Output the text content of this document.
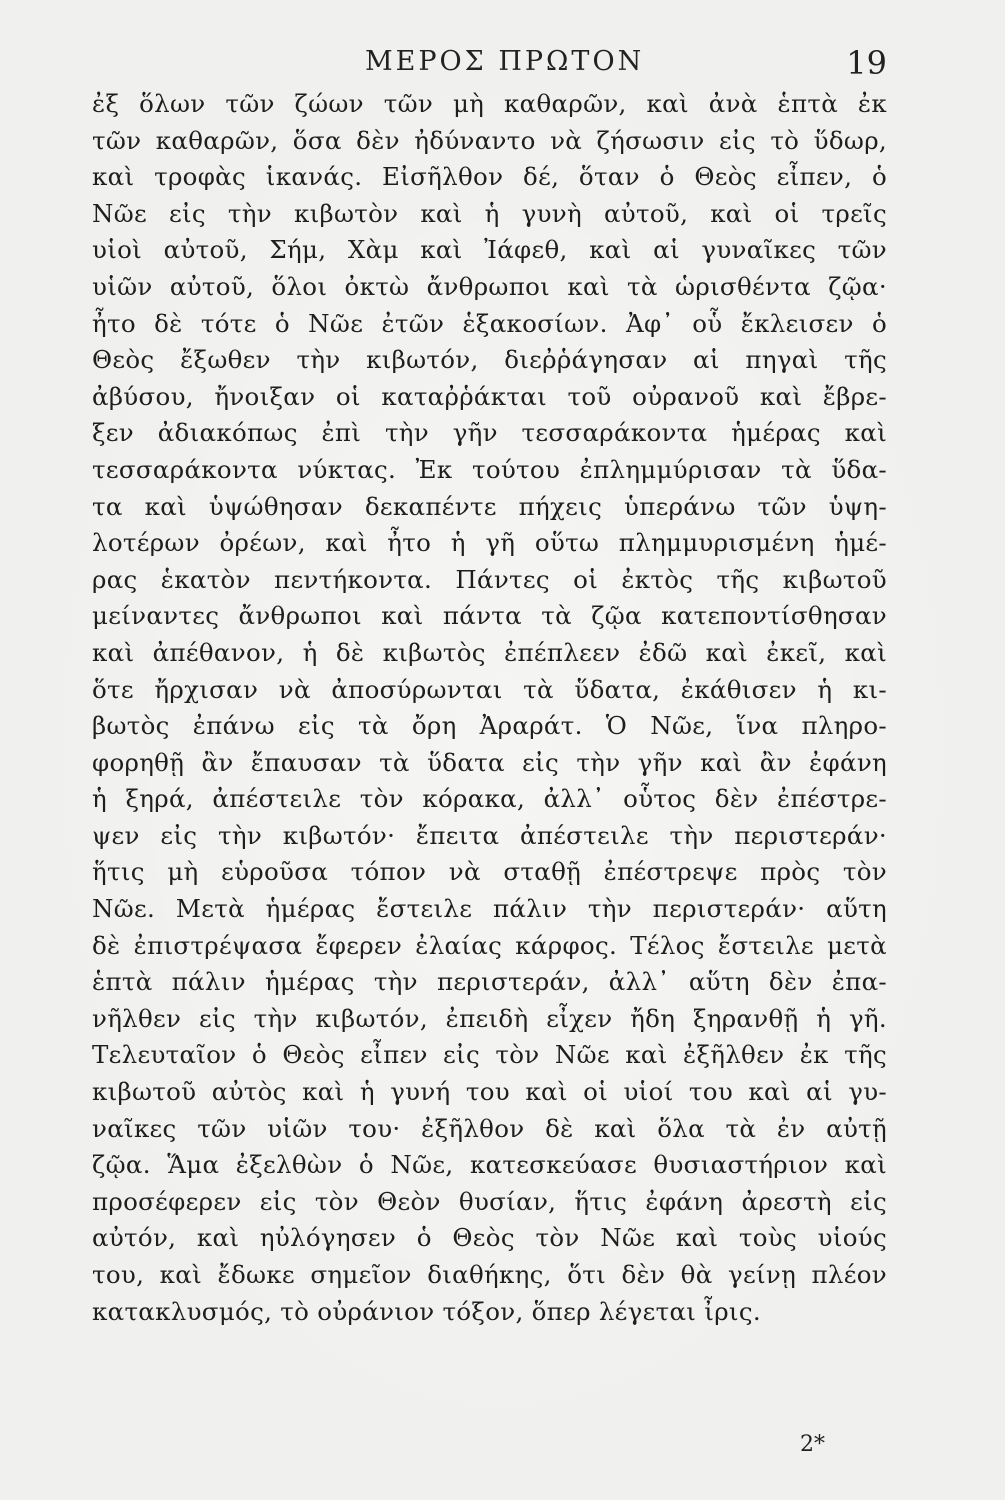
ΜΕΡΟΣ ΠΡΩΤΟΝ	19
ἐξ ὅλων τῶν ζώων τῶν μὴ καθαρῶν, καὶ ἀνὰ ἑπτὰ ἐκ
τῶν καθαρῶν, ὅσα δὲν ἠδύναντο νὰ ζήσωσιν εἰς τὸ ὕδωρ,
καὶ τροφὰς ἱκανάς. Εἰσῆλθον δέ, ὅταν ὁ Θεὸς εἶπεν, ὁ
Νῶε εἰς τὴν κιβωτὸν καὶ ἡ γυνὴ αὐτοῦ, καὶ οἱ τρεῖς
υἱοὶ αὐτοῦ, Σήμ, Χὰμ καὶ Ἰάφεθ, καὶ αἱ γυναῖκες τῶν
υἱῶν αὐτοῦ, ὅλοι ὀκτὼ ἄνθρωποι καὶ τὰ ὡρισθέντα ζῷα·
ἦτο δὲ τότε ὁ Νῶε ἐτῶν ἑξακοσίων. Ἀφ᾽ οὗ ἔκλεισεν ὁ
Θεὸς ἔξωθεν τὴν κιβωτόν, διεῤῥάγησαν αἱ πηγαὶ τῆς
ἀβύσου, ἤνοιξαν οἱ καταῤῥάκται τοῦ οὐρανοῦ καὶ ἔβρε-
ξεν ἀδιακόπως ἐπὶ τὴν γῆν τεσσαράκοντα ἡμέρας καὶ
τεσσαράκοντα νύκτας. Ἐκ τούτου ἐπλημμύρισαν τὰ ὕδα-
τα καὶ ὑψώθησαν δεκαπέντε πήχεις ὑπεράνω τῶν ὑψη-
λοτέρων ὀρέων, καὶ ἦτο ἡ γῆ οὕτω πλημμυρισμένη ἡμέ-
ρας ἑκατὸν πεντήκοντα. Πάντες οἱ ἐκτὸς τῆς κιβωτοῦ
μείναντες ἄνθρωποι καὶ πάντα τὰ ζῷα κατεποντίσθησαν
καὶ ἀπέθανον, ἡ δὲ κιβωτὸς ἐπέπλεεν ἐδῶ καὶ ἐκεῖ, καὶ
ὅτε ἤρχισαν νὰ ἀποσύρωνται τὰ ὕδατα, ἐκάθισεν ἡ κι-
βωτὸς ἐπάνω εἰς τὰ ὄρη Ἀραράτ. Ὁ Νῶε, ἵνα πληρο-
φορηθῇ ἂν ἔπαυσαν τὰ ὕδατα εἰς τὴν γῆν καὶ ἂν ἐφάνη
ἡ ξηρά, ἀπέστειλε τὸν κόρακα, ἀλλ᾽ οὗτος δὲν ἐπέστρε-
ψεν εἰς τὴν κιβωτόν· ἔπειτα ἀπέστειλε τὴν περιστεράν·
ἥτις μὴ εὑροῦσα τόπον νὰ σταθῇ ἐπέστρεψε πρὸς τὸν
Νῶε. Μετὰ ἡμέρας ἔστειλε πάλιν τὴν περιστεράν· αὕτη
δὲ ἐπιστρέψασα ἔφερεν ἐλαίας κάρφος. Τέλος ἔστειλε μετὰ
ἑπτὰ πάλιν ἡμέρας τὴν περιστεράν, ἀλλ᾽ αὕτη δὲν ἐπα-
νῆλθεν εἰς τὴν κιβωτόν, ἐπειδὴ εἶχεν ἤδη ξηρανθῇ ἡ γῆ.
Τελευταῖον ὁ Θεὸς εἶπεν εἰς τὸν Νῶε καὶ ἐξῆλθεν ἐκ τῆς
κιβωτοῦ αὐτὸς καὶ ἡ γυνή του καὶ οἱ υἱοί του καὶ αἱ γυ-
ναῖκες τῶν υἱῶν του· ἐξῆλθον δὲ καὶ ὅλα τὰ ἐν αὐτῇ
ζῷα. Ἅμα ἐξελθὼν ὁ Νῶε, κατεσκεύασε θυσιαστήριον καὶ
προσέφερεν εἰς τὸν Θεὸν θυσίαν, ἥτις ἐφάνη ἀρεστὴ εἰς
αὐτόν, καὶ ηὐλόγησεν ὁ Θεὸς τὸν Νῶε καὶ τοὺς υἱούς
του, καὶ ἔδωκε σημεῖον διαθήκης, ὅτι δὲν θὰ γείνῃ πλέον
κατακλυσμός, τὸ οὐράνιον τόξον, ὅπερ λέγεται ἶρις.
2*
